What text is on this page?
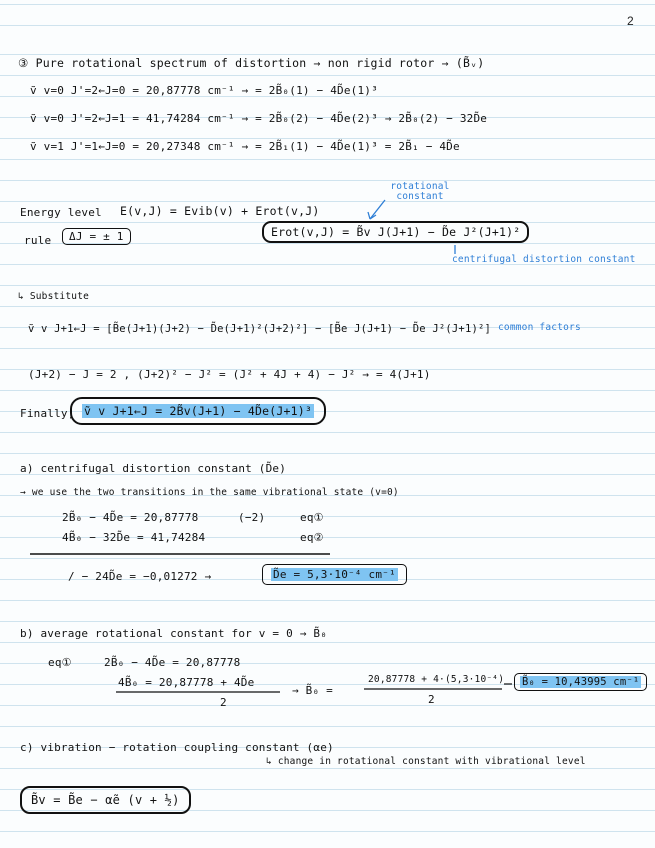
2
③ Pure rotational spectrum of distortion → non rigid rotor → (B̃ᵥ)
ṽ v=0 J'=2←J=0 = 20,87778 cm⁻¹ → = 2B̃₀(1) − 4D̃e(1)³
ṽ v=0 J'=2←J=1 = 41,74284 cm⁻¹ → = 2B̃₀(2) − 4D̃e(2)³ → 2B̃₀(2) − 32D̃e
ṽ v=1 J'=1←J=0 = 20,27348 cm⁻¹ → = 2B̃₁(1) − 4D̃e(1)³ = 2B̃₁ − 4D̃e
rotational constant
Energy level E(v,J) = Evib(v) + Erot(v,J)
rule	ΔJ = ± 1	Erot(v,J) = B̃v J(J+1) − D̃e J²(J+1)²
centrifugal distortion constant
↳ Substitute
ṽ v J+1←J = [B̃e(J+1)(J+2) − D̃e(J+1)²(J+2)²] − [B̃e J(J+1) − D̃e J²(J+1)²] common factors
(J+2) − J = 2 , (J+2)² − J² = (J² + 4J + 4) − J² → = 4(J+1)
Finally, ṽ v J+1←J = 2B̃v(J+1) − 4D̃e(J+1)³
a) centrifugal distortion constant (D̃e)
→ we use the two transitions in the same vibrational state (v=0)
2B̃₀ − 4D̃e = 20,87778	(−2)	eq①
4B̃₀ − 32D̃e = 41,74284	eq②
/ − 24D̃e = −0,01272 →	D̃e = 5,3·10⁻⁴ cm⁻¹
b) average rotational constant for v = 0 → B̃₀
eq①	2B̃₀ − 4D̃e = 20,87778
4B̃₀ = 20,87778 + 4D̃e
2
→ B̃₀ =
20,87778 + 4·(5,3·10⁻⁴)
2
B̃₀ = 10,43995 cm⁻¹
c) vibration − rotation coupling constant (αe)
↳ change in rotational constant with vibrational level
B̃v = B̃e − α̃e (v + ½)
